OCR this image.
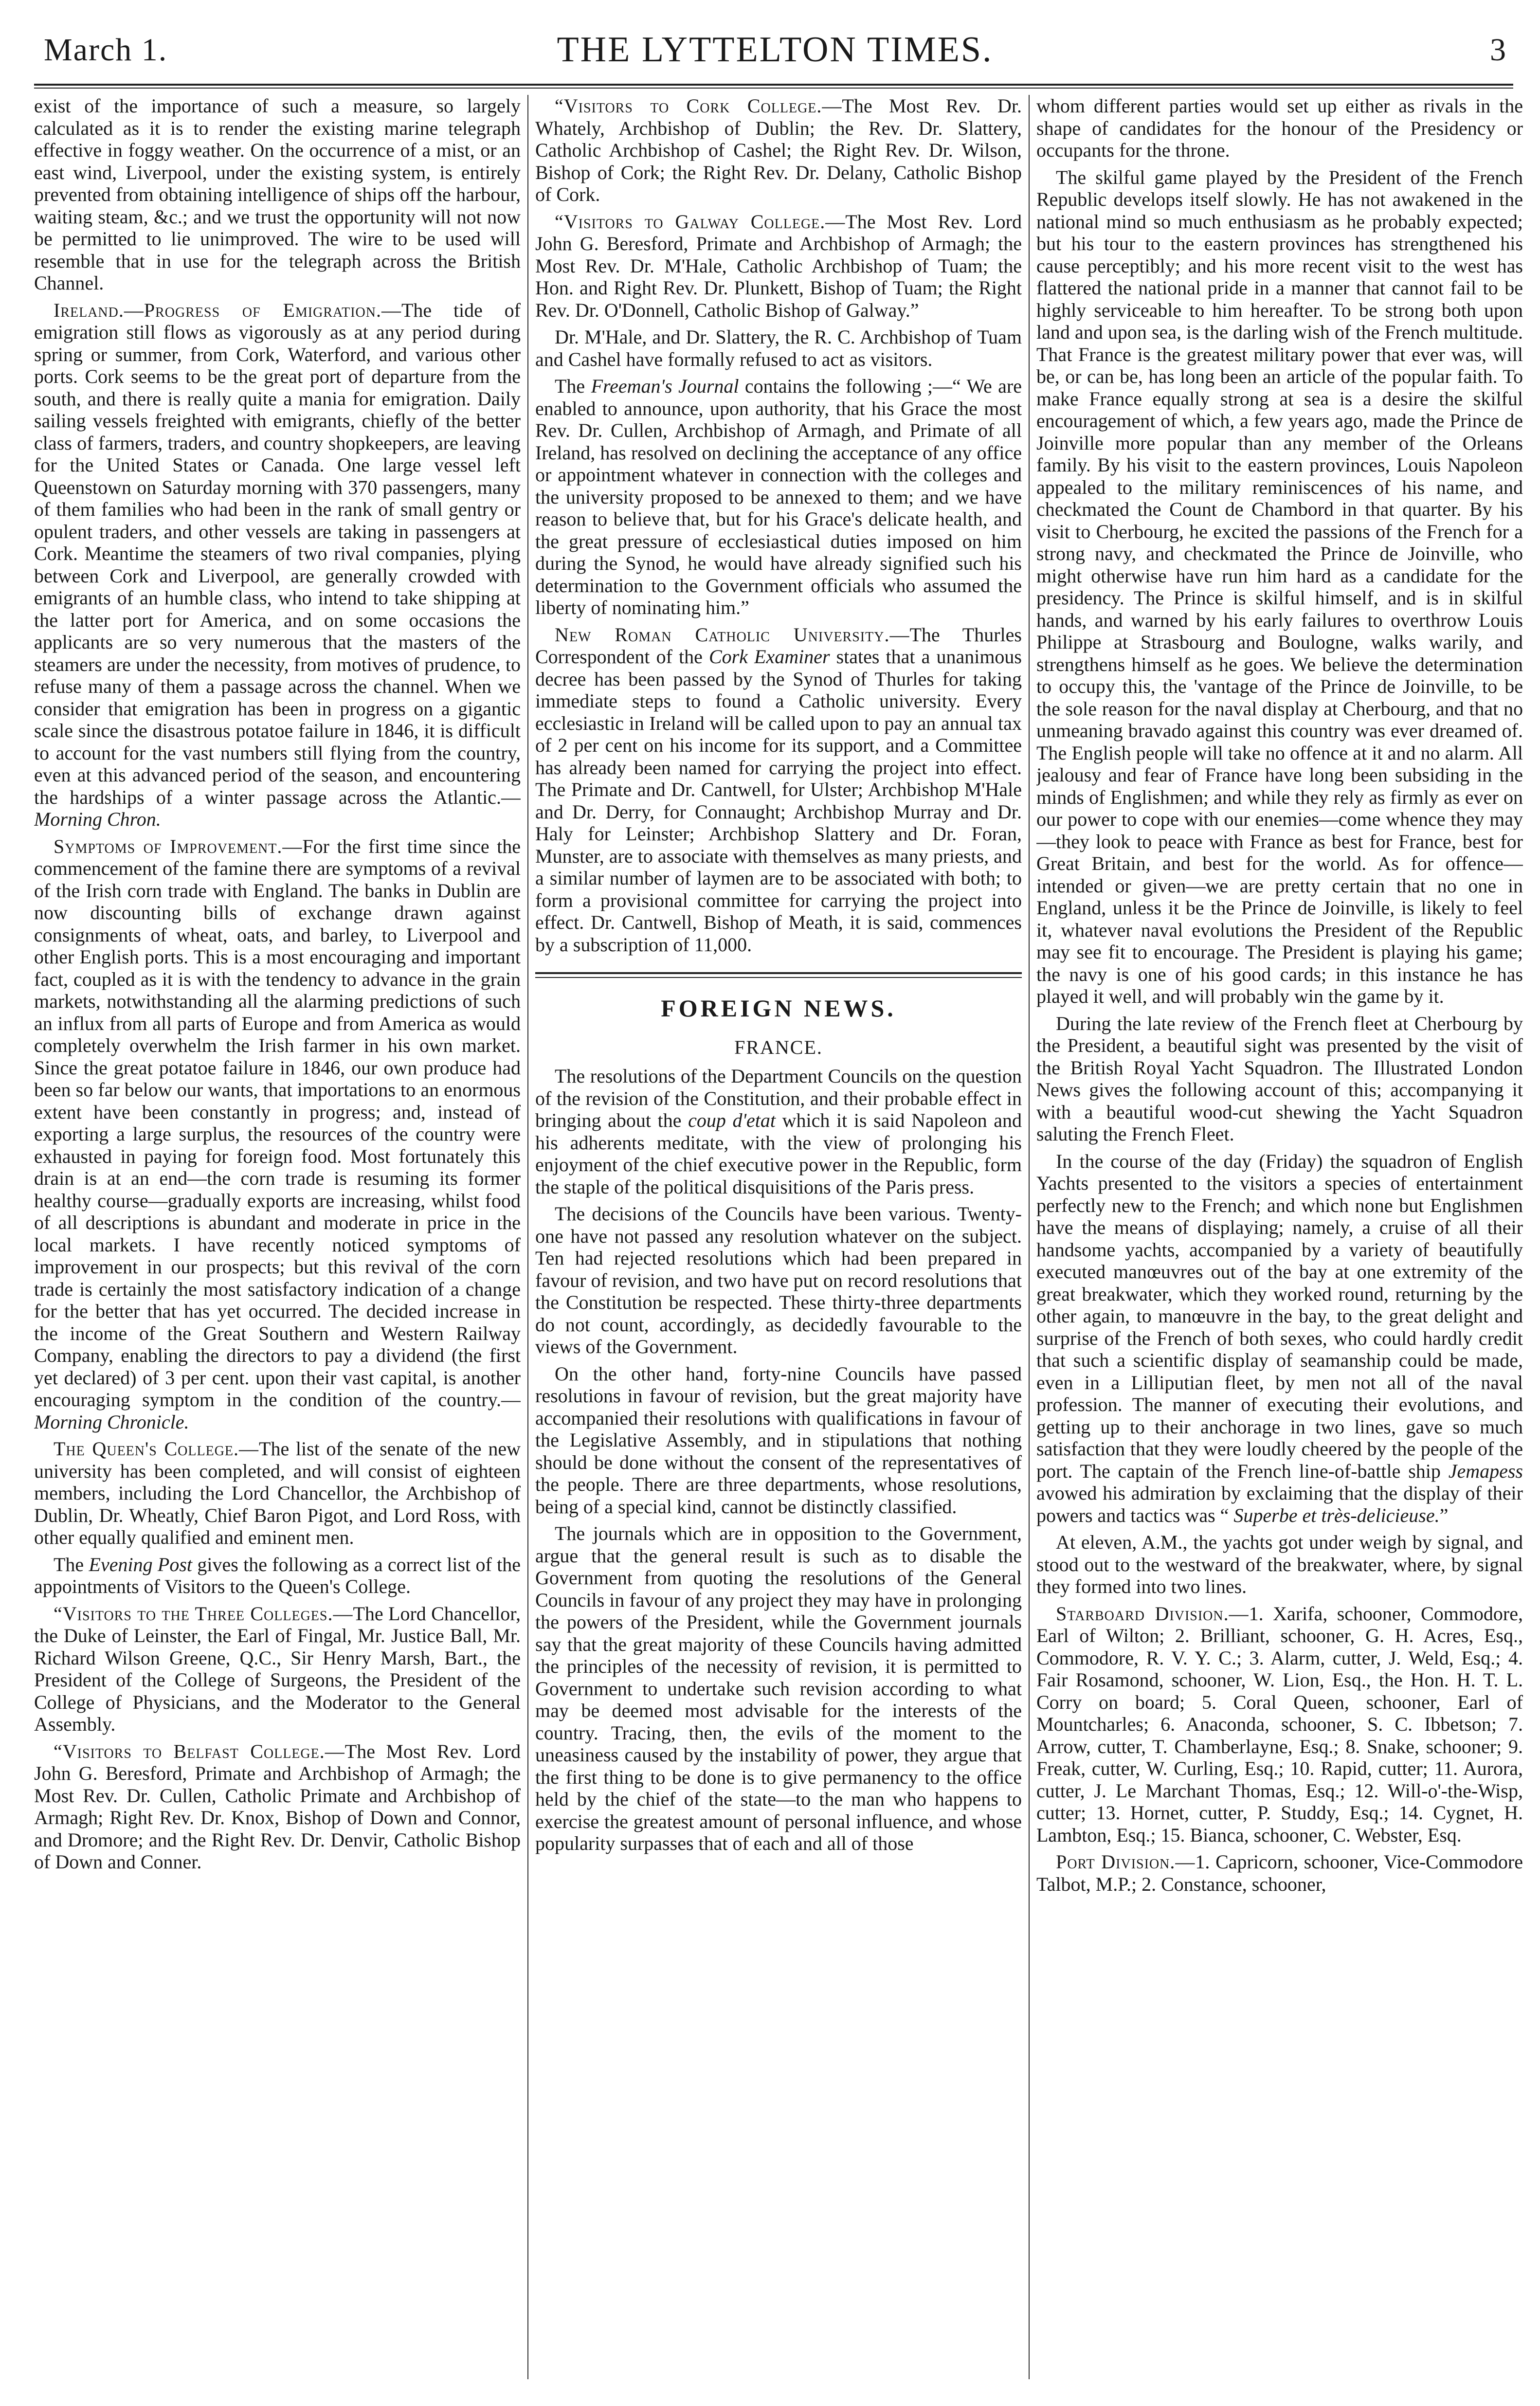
March 1.	THE LYTTELTON TIMES.	3

exist of the importance of such a measure, so largely calculated as it is to render the existing marine telegraph effective in foggy weather. On the occurrence of a mist, or an east wind, Liverpool, under the existing system, is entirely prevented from obtaining intelligence of ships off the harbour, waiting steam, &c.; and we trust the opportunity will not now be permitted to lie unimproved. The wire to be used will resemble that in use for the telegraph across the British Channel.

Ireland.—Progress of Emigration.—The tide of emigration still flows as vigorously as at any period during spring or summer, from Cork, Waterford, and various other ports. Cork seems to be the great port of departure from the south, and there is really quite a mania for emigration. Daily sailing vessels freighted with emigrants, chiefly of the better class of farmers, traders, and country shopkeepers, are leaving for the United States or Canada. One large vessel left Queenstown on Saturday morning with 370 passengers, many of them families who had been in the rank of small gentry or opulent traders, and other vessels are taking in passengers at Cork. Meantime the steamers of two rival companies, plying between Cork and Liverpool, are generally crowded with emigrants of an humble class, who intend to take shipping at the latter port for America, and on some occasions the applicants are so very numerous that the masters of the steamers are under the necessity, from motives of prudence, to refuse many of them a passage across the channel. When we consider that emigration has been in progress on a gigantic scale since the disastrous potatoe failure in 1846, it is difficult to account for the vast numbers still flying from the country, even at this advanced period of the season, and encountering the hardships of a winter passage across the Atlantic.—Morning Chron.

Symptoms of Improvement.—For the first time since the commencement of the famine there are symptoms of a revival of the Irish corn trade with England. The banks in Dublin are now discounting bills of exchange drawn against consignments of wheat, oats, and barley, to Liverpool and other English ports. This is a most encouraging and important fact, coupled as it is with the tendency to advance in the grain markets, notwithstanding all the alarming predictions of such an influx from all parts of Europe and from America as would completely overwhelm the Irish farmer in his own market. Since the great potatoe failure in 1846, our own produce had been so far below our wants, that importations to an enormous extent have been constantly in progress; and, instead of exporting a large surplus, the resources of the country were exhausted in paying for foreign food. Most fortunately this drain is at an end—the corn trade is resuming its former healthy course—gradually exports are increasing, whilst food of all descriptions is abundant and moderate in price in the local markets. I have recently noticed symptoms of improvement in our prospects; but this revival of the corn trade is certainly the most satisfactory indication of a change for the better that has yet occurred. The decided increase in the income of the Great Southern and Western Railway Company, enabling the directors to pay a dividend (the first yet declared) of 3 per cent. upon their vast capital, is another encouraging symptom in the condition of the country.—Morning Chronicle.

The Queen's College.—The list of the senate of the new university has been completed, and will consist of eighteen members, including the Lord Chancellor, the Archbishop of Dublin, Dr. Wheatly, Chief Baron Pigot, and Lord Ross, with other equally qualified and eminent men.

The Evening Post gives the following as a correct list of the appointments of Visitors to the Queen's College.

“Visitors to the Three Colleges.—The Lord Chancellor, the Duke of Leinster, the Earl of Fingal, Mr. Justice Ball, Mr. Richard Wilson Greene, Q.C., Sir Henry Marsh, Bart., the President of the College of Surgeons, the President of the College of Physicians, and the Moderator to the General Assembly.

“Visitors to Belfast College.—The Most Rev. Lord John G. Beresford, Primate and Archbishop of Armagh; the Most Rev. Dr. Cullen, Catholic Primate and Archbishop of Armagh; Right Rev. Dr. Knox, Bishop of Down and Connor, and Dromore; and the Right Rev. Dr. Denvir, Catholic Bishop of Down and Conner.

“Visitors to Cork College.—The Most Rev. Dr. Whately, Archbishop of Dublin; the Rev. Dr. Slattery, Catholic Archbishop of Cashel; the Right Rev. Dr. Wilson, Bishop of Cork; the Right Rev. Dr. Delany, Catholic Bishop of Cork.

“Visitors to Galway College.—The Most Rev. Lord John G. Beresford, Primate and Archbishop of Armagh; the Most Rev. Dr. M'Hale, Catholic Archbishop of Tuam; the Hon. and Right Rev. Dr. Plunkett, Bishop of Tuam; the Right Rev. Dr. O'Donnell, Catholic Bishop of Galway.”

Dr. M'Hale, and Dr. Slattery, the R. C. Archbishop of Tuam and Cashel have formally refused to act as visitors.

The Freeman's Journal contains the following ;—“ We are enabled to announce, upon authority, that his Grace the most Rev. Dr. Cullen, Archbishop of Armagh, and Primate of all Ireland, has resolved on declining the acceptance of any office or appointment whatever in connection with the colleges and the university proposed to be annexed to them; and we have reason to believe that, but for his Grace's delicate health, and the great pressure of ecclesiastical duties imposed on him during the Synod, he would have already signified such his determination to the Government officials who assumed the liberty of nominating him.”

New Roman Catholic University.—The Thurles Correspondent of the Cork Examiner states that a unanimous decree has been passed by the Synod of Thurles for taking immediate steps to found a Catholic university. Every ecclesiastic in Ireland will be called upon to pay an annual tax of 2 per cent on his income for its support, and a Committee has already been named for carrying the project into effect. The Primate and Dr. Cantwell, for Ulster; Archbishop M'Hale and Dr. Derry, for Connaught; Archbishop Murray and Dr. Haly for Leinster; Archbishop Slattery and Dr. Foran, Munster, are to associate with themselves as many priests, and a similar number of laymen are to be associated with both; to form a provisional committee for carrying the project into effect. Dr. Cantwell, Bishop of Meath, it is said, commences by a subscription of 11,000.

FOREIGN NEWS.
FRANCE.

The resolutions of the Department Councils on the question of the revision of the Constitution, and their probable effect in bringing about the coup d'etat which it is said Napoleon and his adherents meditate, with the view of prolonging his enjoyment of the chief executive power in the Republic, form the staple of the political disquisitions of the Paris press.

The decisions of the Councils have been various. Twenty-one have not passed any resolution whatever on the subject. Ten had rejected resolutions which had been prepared in favour of revision, and two have put on record resolutions that the Constitution be respected. These thirty-three departments do not count, accordingly, as decidedly favourable to the views of the Government.

On the other hand, forty-nine Councils have passed resolutions in favour of revision, but the great majority have accompanied their resolutions with qualifications in favour of the Legislative Assembly, and in stipulations that nothing should be done without the consent of the representatives of the people. There are three departments, whose resolutions, being of a special kind, cannot be distinctly classified.

The journals which are in opposition to the Government, argue that the general result is such as to disable the Government from quoting the resolutions of the General Councils in favour of any project they may have in prolonging the powers of the President, while the Government journals say that the great majority of these Councils having admitted the principles of the necessity of revision, it is permitted to Government to undertake such revision according to what may be deemed most advisable for the interests of the country. Tracing, then, the evils of the moment to the uneasiness caused by the instability of power, they argue that the first thing to be done is to give permanency to the office held by the chief of the state—to the man who happens to exercise the greatest amount of personal influence, and whose popularity surpasses that of each and all of those

whom different parties would set up either as rivals in the shape of candidates for the honour of the Presidency or occupants for the throne.

The skilful game played by the President of the French Republic develops itself slowly. He has not awakened in the national mind so much enthusiasm as he probably expected; but his tour to the eastern provinces has strengthened his cause perceptibly; and his more recent visit to the west has flattered the national pride in a manner that cannot fail to be highly serviceable to him hereafter. To be strong both upon land and upon sea, is the darling wish of the French multitude. That France is the greatest military power that ever was, will be, or can be, has long been an article of the popular faith. To make France equally strong at sea is a desire the skilful encouragement of which, a few years ago, made the Prince de Joinville more popular than any member of the Orleans family. By his visit to the eastern provinces, Louis Napoleon appealed to the military reminiscences of his name, and checkmated the Count de Chambord in that quarter. By his visit to Cherbourg, he excited the passions of the French for a strong navy, and checkmated the Prince de Joinville, who might otherwise have run him hard as a candidate for the presidency. The Prince is skilful himself, and is in skilful hands, and warned by his early failures to overthrow Louis Philippe at Strasbourg and Boulogne, walks warily, and strengthens himself as he goes. We believe the determination to occupy this, the 'vantage of the Prince de Joinville, to be the sole reason for the naval display at Cherbourg, and that no unmeaning bravado against this country was ever dreamed of. The English people will take no offence at it and no alarm. All jealousy and fear of France have long been subsiding in the minds of Englishmen; and while they rely as firmly as ever on our power to cope with our enemies—come whence they may—they look to peace with France as best for France, best for Great Britain, and best for the world. As for offence—intended or given—we are pretty certain that no one in England, unless it be the Prince de Joinville, is likely to feel it, whatever naval evolutions the President of the Republic may see fit to encourage. The President is playing his game; the navy is one of his good cards; in this instance he has played it well, and will probably win the game by it.

During the late review of the French fleet at Cherbourg by the President, a beautiful sight was presented by the visit of the British Royal Yacht Squadron. The Illustrated London News gives the following account of this; accompanying it with a beautiful wood-cut shewing the Yacht Squadron saluting the French Fleet.

In the course of the day (Friday) the squadron of English Yachts presented to the visitors a species of entertainment perfectly new to the French; and which none but Englishmen have the means of displaying; namely, a cruise of all their handsome yachts, accompanied by a variety of beautifully executed manœuvres out of the bay at one extremity of the great breakwater, which they worked round, returning by the other again, to manœuvre in the bay, to the great delight and surprise of the French of both sexes, who could hardly credit that such a scientific display of seamanship could be made, even in a Lilliputian fleet, by men not all of the naval profession. The manner of executing their evolutions, and getting up to their anchorage in two lines, gave so much satisfaction that they were loudly cheered by the people of the port. The captain of the French line-of-battle ship Jemapess avowed his admiration by exclaiming that the display of their powers and tactics was “ Superbe et très-delicieuse.”

At eleven, A.M., the yachts got under weigh by signal, and stood out to the westward of the breakwater, where, by signal they formed into two lines.

Starboard Division.—1. Xarifa, schooner, Commodore, Earl of Wilton; 2. Brilliant, schooner, G. H. Acres, Esq., Commodore, R. V. Y. C.; 3. Alarm, cutter, J. Weld, Esq.; 4. Fair Rosamond, schooner, W. Lion, Esq., the Hon. H. T. L. Corry on board; 5. Coral Queen, schooner, Earl of Mountcharles; 6. Anaconda, schooner, S. C. Ibbetson; 7. Arrow, cutter, T. Chamberlayne, Esq.; 8. Snake, schooner; 9. Freak, cutter, W. Curling, Esq.; 10. Rapid, cutter; 11. Aurora, cutter, J. Le Marchant Thomas, Esq.; 12. Will-o'-the-Wisp, cutter; 13. Hornet, cutter, P. Studdy, Esq.; 14. Cygnet, H. Lambton, Esq.; 15. Bianca, schooner, C. Webster, Esq.

Port Division.—1. Capricorn, schooner, Vice-Commodore Talbot, M.P.; 2. Constance, schooner,
